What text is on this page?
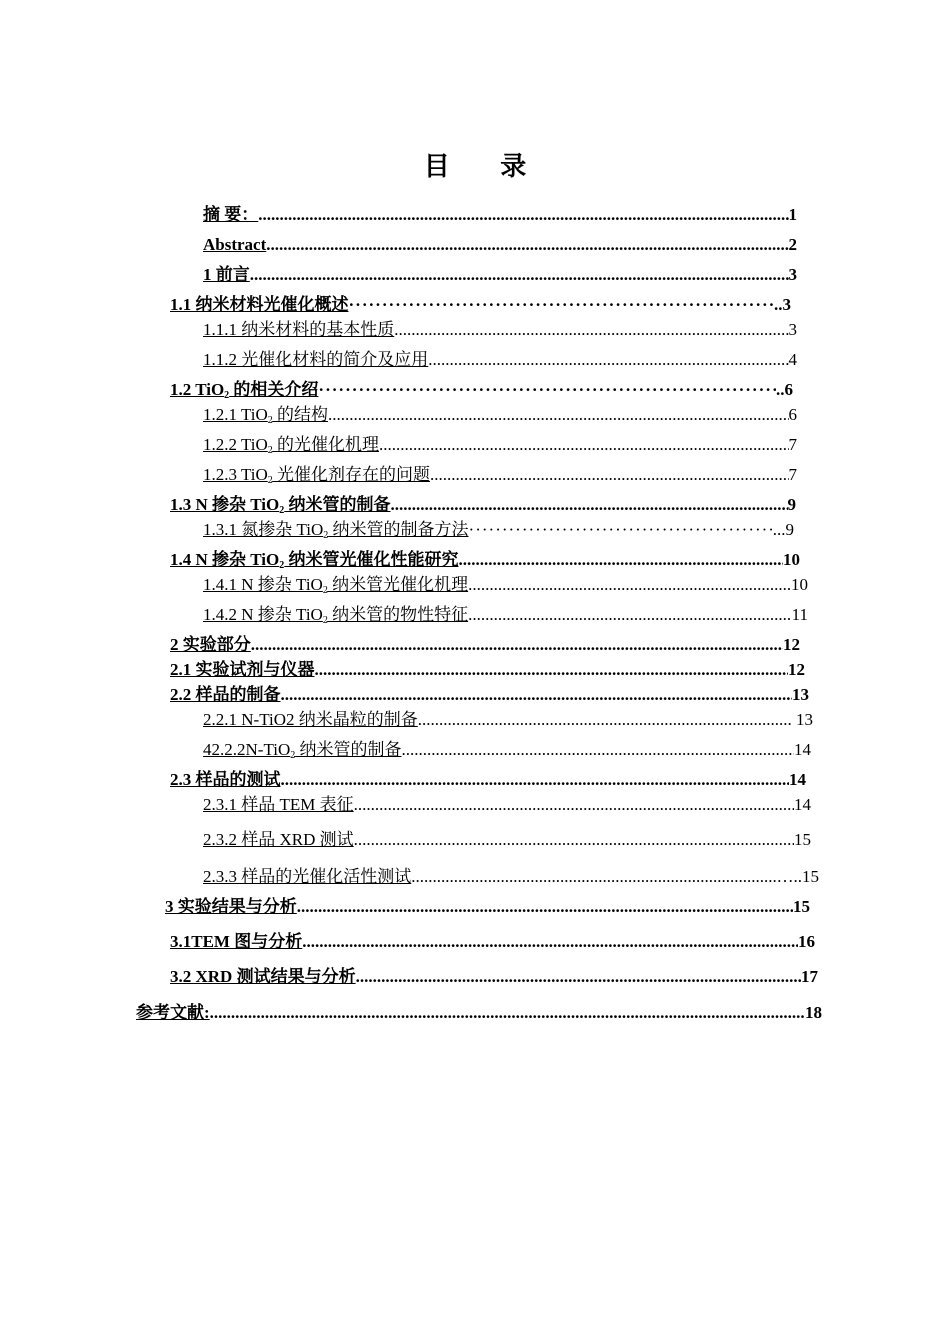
目 录
摘 要： .....	1
Abstract .....	2
1 前言 .....	3
1.1 纳米材料光催化概述 ·····	..3
1.1.1 纳米材料的基本性质 .....	3
1.1.2 光催化材料的简介及应用 .....	4
1.2 TiO$_2$ 的相关介绍 ·····	..6
1.2.1 TiO$_2$ 的结构 .....	6
1.2.2 TiO$_2$ 的光催化机理 .....	7
1.2.3 TiO$_2$ 光催化剂存在的问题 .....	7
1.3 N 掺杂 TiO$_2$ 纳米管的制备 .....	9
1.3.1 氮掺杂 TiO$_2$ 纳米管的制备方法 ·····	...9
1.4 N 掺杂 TiO$_2$ 纳米管光催化性能研究 .....	10
1.4.1 N 掺杂 TiO$_2$ 纳米管光催化机理 .....	10
1.4.2 N 掺杂 TiO$_2$ 纳米管的物性特征 .....	11
2 实验部分 .....	12
2.1 实验试剂与仪器 .....	12
2.2 样品的制备 .....	13
2.2.1 N-TiO2 纳米晶粒的制备 .....	... 13
42.2.2N-TiO$_2$ 纳米管的制备 .....	14
2.3 样品的测试 .....	14
2.3.1 样品 TEM 表征 .....	14
2.3.2 样品 XRD 测试 .....	15
2.3.3 样品的光催化活性测试 .....	…..15
3 实验结果与分析 .....	15
3.1TEM 图与分析 .....	16
3.2 XRD 测试结果与分析 .....	17
参考文献: .....	18
